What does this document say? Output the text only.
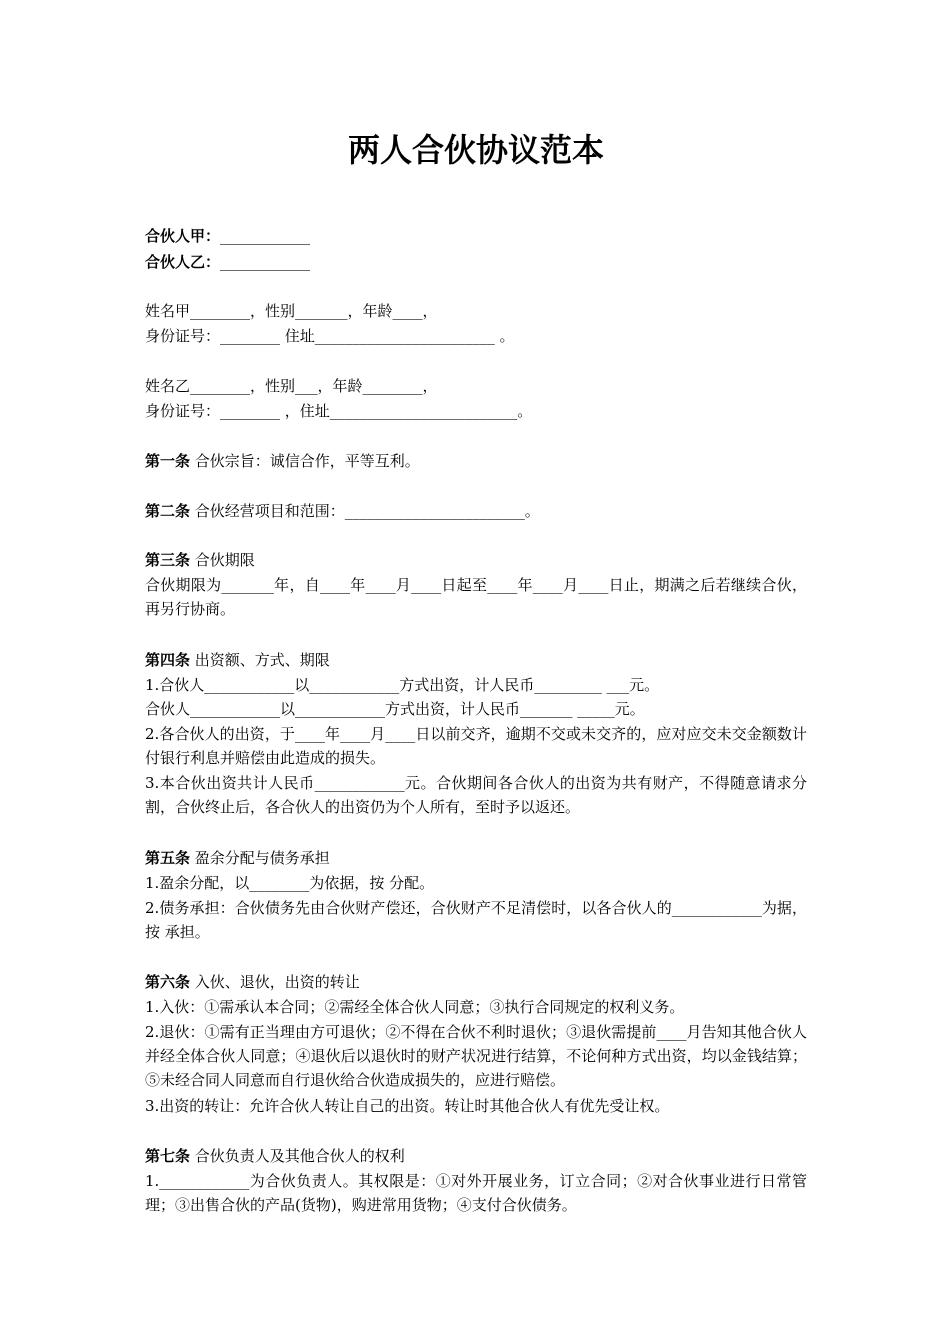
两人合伙协议范本

合伙人甲：____________

合伙人乙：____________

姓名甲________，性别_______，年龄____，

身份证号：________ 住址________________________ 。

姓名乙________，性别___，年龄________，

身份证号：________ ，住址_________________________。

第一条 合伙宗旨：诚信合作，平等互利。

第二条 合伙经营项目和范围：________________________。

第三条 合伙期限

合伙期限为_______年，自____年____月____日起至____年____月____日止，期满之后若继续合伙，再另行协商。

第四条 出资额、方式、期限

1.合伙人____________以____________方式出资，计人民币_________ ___元。

合伙人____________以____________方式出资，计人民币_______ _____元。

2.各合伙人的出资，于____年____月____日以前交齐，逾期不交或未交齐的，应对应交未交金额数计付银行利息并赔偿由此造成的损失。

3.本合伙出资共计人民币____________元。合伙期间各合伙人的出资为共有财产，不得随意请求分割，合伙终止后，各合伙人的出资仍为个人所有，至时予以返还。

第五条 盈余分配与债务承担

1.盈余分配，以________为依据，按 分配。

2.债务承担：合伙债务先由合伙财产偿还，合伙财产不足清偿时，以各合伙人的____________为据，按 承担。

第六条 入伙、退伙，出资的转让

1.入伙：①需承认本合同；②需经全体合伙人同意；③执行合同规定的权利义务。

2.退伙：①需有正当理由方可退伙；②不得在合伙不利时退伙；③退伙需提前____月告知其他合伙人并经全体合伙人同意；④退伙后以退伙时的财产状况进行结算，不论何种方式出资，均以金钱结算；⑤未经合同人同意而自行退伙给合伙造成损失的，应进行赔偿。

3.出资的转让：允许合伙人转让自己的出资。转让时其他合伙人有优先受让权。

第七条 合伙负责人及其他合伙人的权利

1.____________为合伙负责人。其权限是：①对外开展业务，订立合同；②对合伙事业进行日常管理；③出售合伙的产品(货物)，购进常用货物；④支付合伙债务。
